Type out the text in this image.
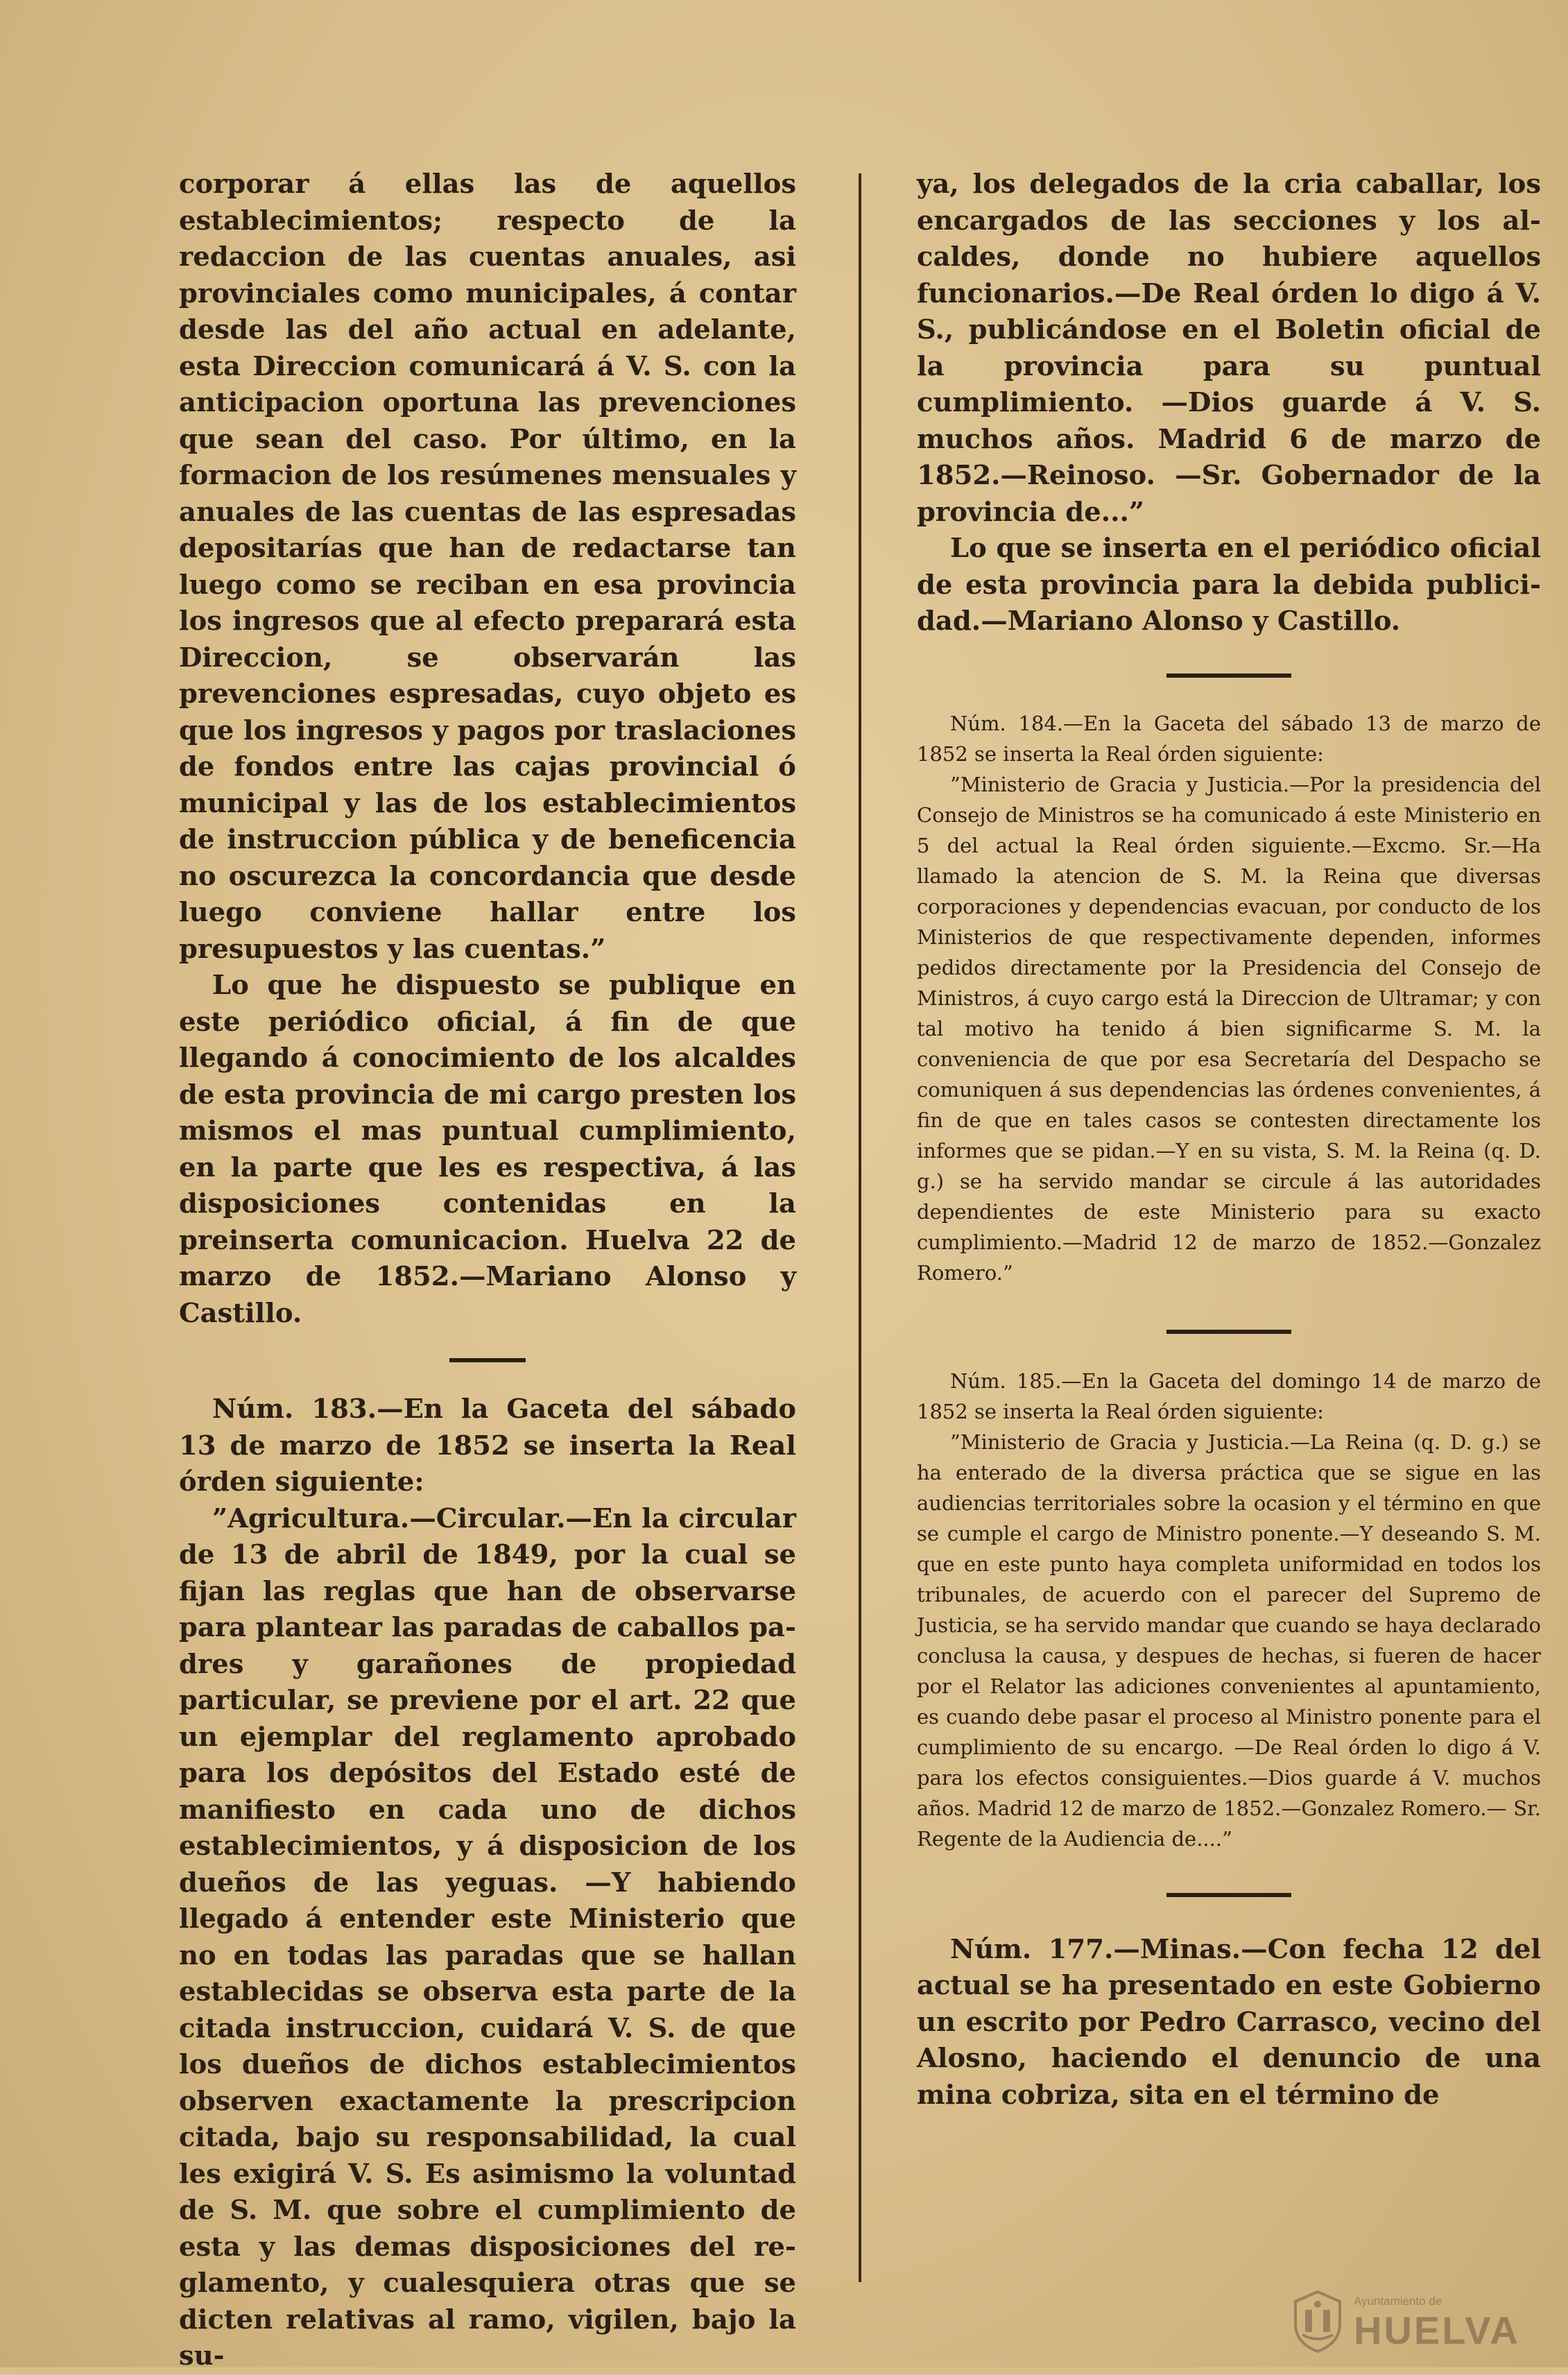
corporar á ellas las de aquellos establecimientos; respecto de la redaccion de las cuentas anuales, asi provinciales como municipales, á contar desde las del año actual en adelante, esta Direccion comunicará á V. S. con la anticipacion oportuna las prevenciones que sean del caso. Por último, en la formacion de los resúmenes mensuales y anuales de las cuentas de las espresadas depositarías que han de redactarse tan luego como se reciban en esa provincia los ingresos que al efecto preparará esta Direccion, se observarán las prevenciones espresadas, cuyo objeto es que los ingresos y pagos por traslaciones de fondos entre las cajas provincial ó municipal y las de los establecimientos de instruccion pública y de beneficencia no oscurezca la concordancia que desde luego conviene hallar entre los presupuestos y las cuentas.”

Lo que he dispuesto se publique en este periódico oficial, á fin de que llegando á conocimiento de los alcaldes de esta provincia de mi cargo presten los mismos el mas puntual cumplimiento, en la parte que les es respectiva, á las disposiciones contenidas en la preinserta comunicacion. Huelva 22 de marzo de 1852.—Mariano Alonso y Castillo.

Núm. 183.—En la Gaceta del sábado 13 de marzo de 1852 se inserta la Real órden siguiente:

”Agricultura.—Circular.—En la circular de 13 de abril de 1849, por la cual se fijan las reglas que han de observarse para plantear las paradas de caballos padres y garañones de propiedad particular, se previene por el art. 22 que un ejemplar del reglamento aprobado para los depósitos del Estado esté de manifiesto en cada uno de dichos establecimientos, y á disposicion de los dueños de las yeguas. —Y habiendo llegado á entender este Ministerio que no en todas las paradas que se hallan establecidas se observa esta parte de la citada instruccion, cuidará V. S. de que los dueños de dichos establecimientos observen exactamente la prescripcion citada, bajo su responsabilidad, la cual les exigirá V. S. Es asimismo la voluntad de S. M. que sobre el cumplimiento de esta y las demas disposiciones del reglamento, y cualesquiera otras que se dicten relativas al ramo, vigilen, bajo la su-

ya, los delegados de la cria caballar, los encargados de las secciones y los alcaldes, donde no hubiere aquellos funcionarios.—De Real órden lo digo á V. S., publicándose en el Boletin oficial de la provincia para su puntual cumplimiento. —Dios guarde á V. S. muchos años. Madrid 6 de marzo de 1852.—Reinoso. —Sr. Gobernador de la provincia de...”

Lo que se inserta en el periódico oficial de esta provincia para la debida publicidad.—Mariano Alonso y Castillo.

Núm. 184.—En la Gaceta del sábado 13 de marzo de 1852 se inserta la Real órden siguiente:

”Ministerio de Gracia y Justicia.—Por la presidencia del Consejo de Ministros se ha comunicado á este Ministerio en 5 del actual la Real órden siguiente.—Excmo. Sr.—Ha llamado la atencion de S. M. la Reina que diversas corporaciones y dependencias evacuan, por conducto de los Ministerios de que respectivamente dependen, informes pedidos directamente por la Presidencia del Consejo de Ministros, á cuyo cargo está la Direccion de Ultramar; y con tal motivo ha tenido á bien significarme S. M. la conveniencia de que por esa Secretaría del Despacho se comuniquen á sus dependencias las órdenes convenientes, á fin de que en tales casos se contesten directamente los informes que se pidan.—Y en su vista, S. M. la Reina (q. D. g.) se ha servido mandar se circule á las autoridades dependientes de este Ministerio para su exacto cumplimiento.—Madrid 12 de marzo de 1852.—Gonzalez Romero.”

Núm. 185.—En la Gaceta del domingo 14 de marzo de 1852 se inserta la Real órden siguiente:

”Ministerio de Gracia y Justicia.—La Reina (q. D. g.) se ha enterado de la diversa práctica que se sigue en las audiencias territoriales sobre la ocasion y el término en que se cumple el cargo de Ministro ponente.—Y deseando S. M. que en este punto haya completa uniformidad en todos los tribunales, de acuerdo con el parecer del Supremo de Justicia, se ha servido mandar que cuando se haya declarado conclusa la causa, y despues de hechas, si fueren de hacer por el Relator las adiciones convenientes al apuntamiento, es cuando debe pasar el proceso al Ministro ponente para el cumplimiento de su encargo. —De Real órden lo digo á V. para los efectos consiguientes.—Dios guarde á V. muchos años. Madrid 12 de marzo de 1852.—Gonzalez Romero.— Sr. Regente de la Audiencia de....”

Núm. 177.—Minas.—Con fecha 12 del actual se ha presentado en este Gobierno un escrito por Pedro Carrasco, vecino del Alosno, haciendo el denuncio de una mina cobriza, sita en el término de

Ayuntamiento de
HUELVA
